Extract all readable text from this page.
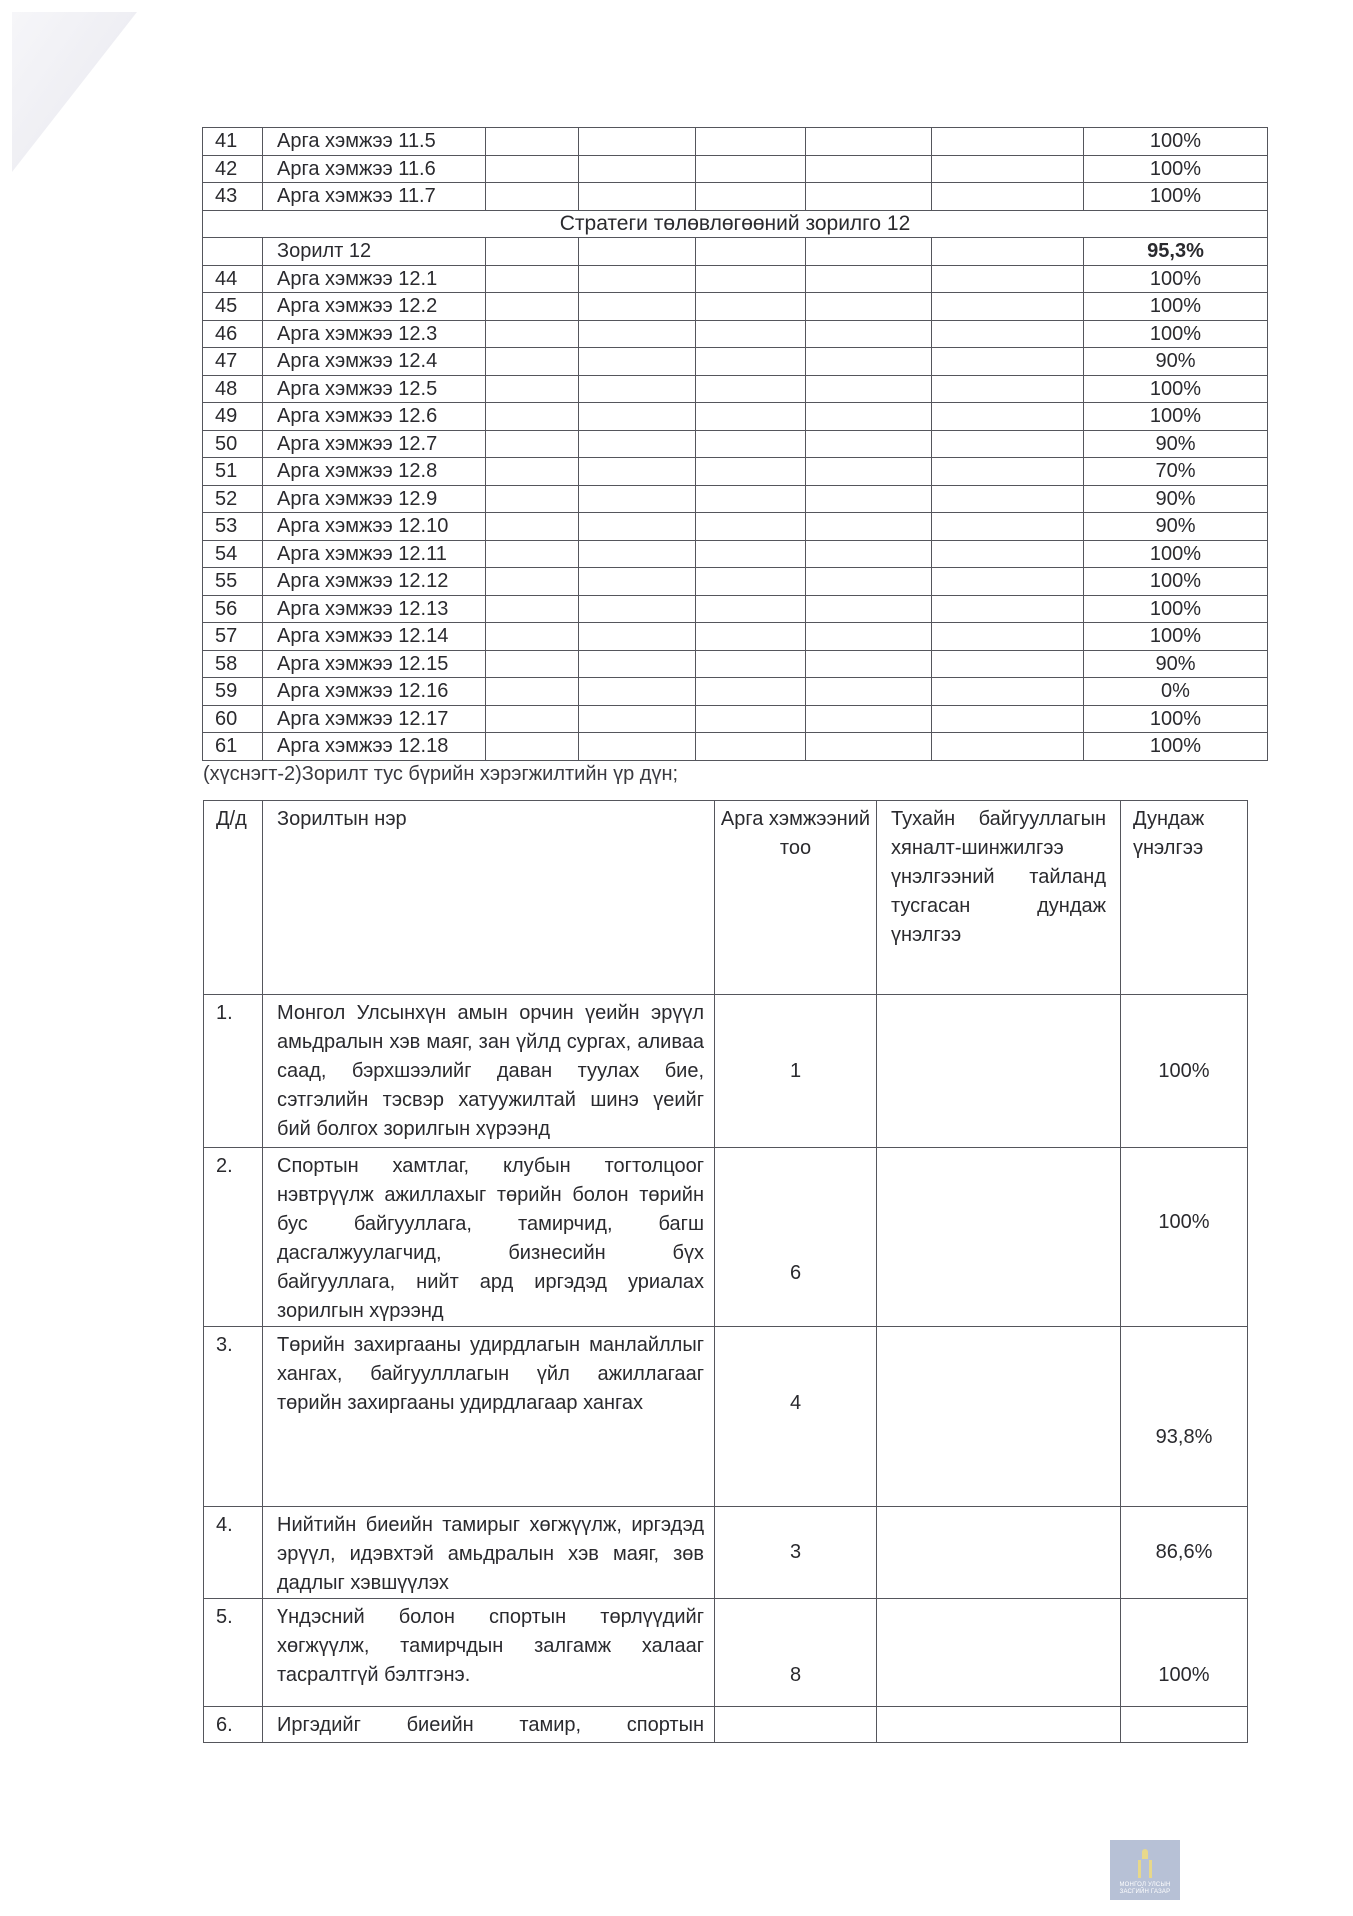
41	Арга хэмжээ 11.5						100%
42	Арга хэмжээ 11.6						100%
43	Арга хэмжээ 11.7						100%
Стратеги төлөвлөгөөний зорилго 12							
	Зорилт 12						95,3%
44	Арга хэмжээ 12.1						100%
45	Арга хэмжээ 12.2						100%
46	Арга хэмжээ 12.3						100%
47	Арга хэмжээ 12.4						90%
48	Арга хэмжээ 12.5						100%
49	Арга хэмжээ 12.6						100%
50	Арга хэмжээ 12.7						90%
51	Арга хэмжээ 12.8						70%
52	Арга хэмжээ 12.9						90%
53	Арга хэмжээ 12.10						90%
54	Арга хэмжээ 12.11						100%
55	Арга хэмжээ 12.12						100%
56	Арга хэмжээ 12.13						100%
57	Арга хэмжээ 12.14						100%
58	Арга хэмжээ 12.15						90%
59	Арга хэмжээ 12.16						0%
60	Арга хэмжээ 12.17						100%
61	Арга хэмжээ 12.18						100%
(хүснэгт-2)Зорилт тус бүрийн хэрэгжилтийн үр дүн;
Д/д	Зорилтын нэр	Арга хэмжээний тоо	Тухайн байгууллагын хяналт-шинжилгээ үнэлгээний тайланд тусгасан дундаж үнэлгээ	Дундаж үнэлгээ
1.	Монгол Улсынхүн амын орчин үеийн эрүүл амьдралын хэв маяг, зан үйлд сургах, аливаа саад, бэрхшээлийг даван туулах бие, сэтгэлийн тэсвэр хатуужилтай шинэ үеийг бий болгох зорилгын хүрээнд	1		100%
2.	Спортын хамтлаг, клубын тогтолцоог нэвтрүүлж ажиллахыг төрийн болон төрийн бус байгууллага, тамирчид, багш дасгалжуулагчид, бизнесийн бүх байгууллага, нийт ард иргэдэд уриалах зорилгын хүрээнд	6		100%
3.	Төрийн захиргааны удирдлагын манлайллыг хангах, байгуулллагын үйл ажиллагааг төрийн захиргааны удирдлагаар хангах	4		93,8%
4.	Нийтийн биеийн тамирыг хөгжүүлж, иргэдэд эрүүл, идэвхтэй амьдралын хэв маяг, зөв дадлыг хэвшүүлэх	3		86,6%
5.	Үндэсний болон спортын төрлүүдийг хөгжүүлж, тамирчдын залгамж халааг тасралтгүй бэлтгэнэ.	8		100%
6.	Иргэдийг биеийн тамир, спортын			
МОНГОЛ УЛСЫН
ЗАСГИЙН ГАЗАР
